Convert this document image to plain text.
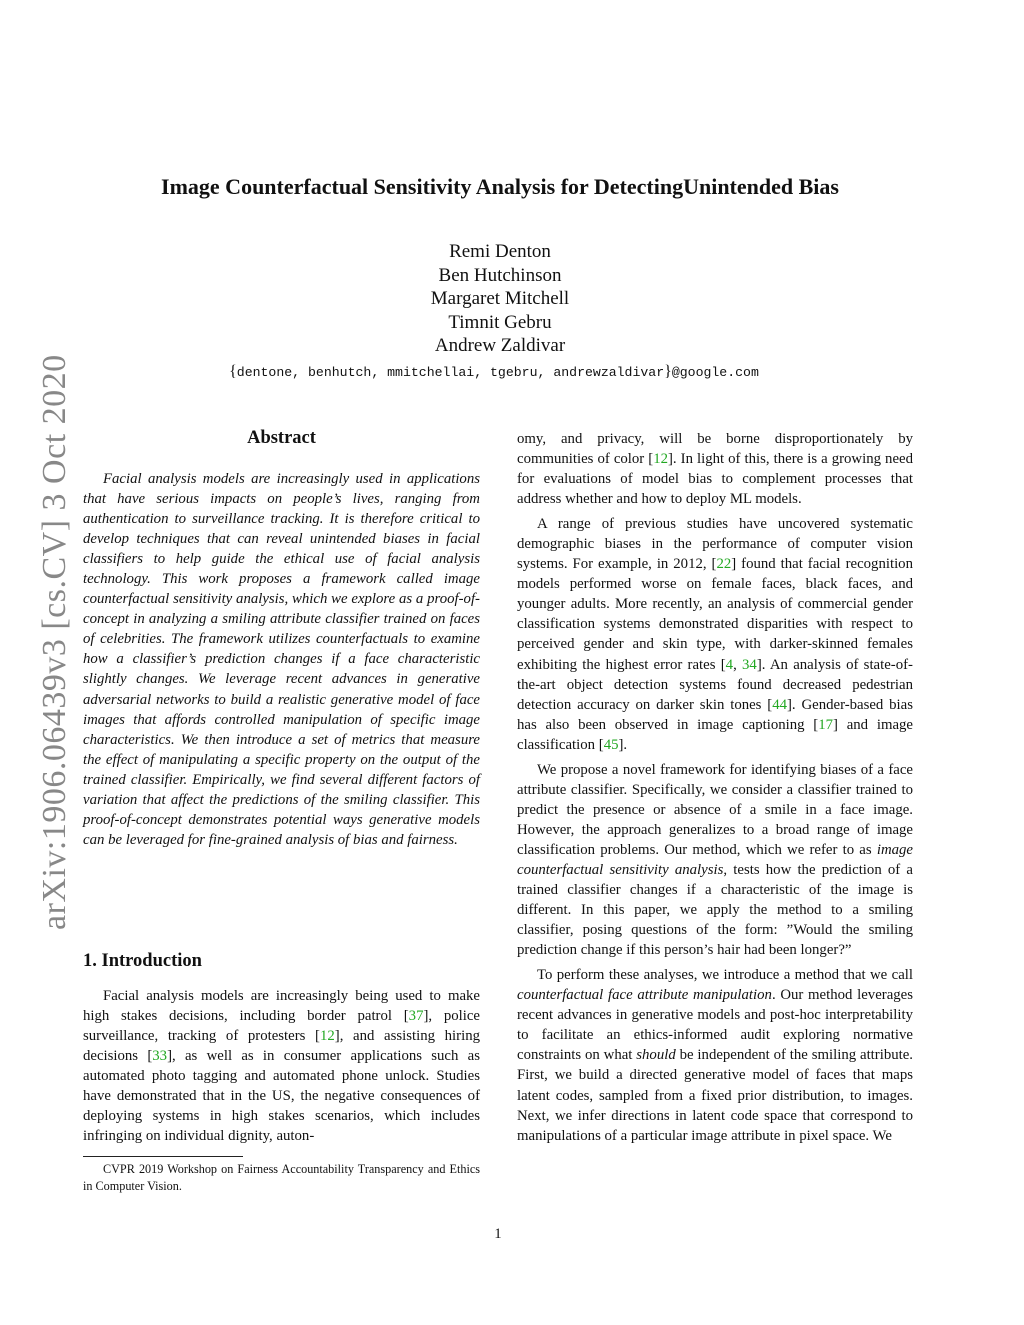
arXiv:1906.06439v3 [cs.CV] 3 Oct 2020
Image Counterfactual Sensitivity Analysis for DetectingUnintended Bias
Remi Denton
Ben Hutchinson
Margaret Mitchell
Timnit Gebru
Andrew Zaldivar
{dentone, benhutch, mmitchellai, tgebru, andrewzaldivar}@google.com
Abstract

Facial analysis models are increasingly used in applications that have serious impacts on people’s lives, ranging from authentication to surveillance tracking. It is therefore critical to develop techniques that can reveal unintended biases in facial classifiers to help guide the ethical use of facial analysis technology. This work proposes a framework called image counterfactual sensitivity analysis, which we explore as a proof-of-concept in analyzing a smiling attribute classifier trained on faces of celebrities. The framework utilizes counterfactuals to examine how a classifier’s prediction changes if a face characteristic slightly changes. We leverage recent advances in generative adversarial networks to build a realistic generative model of face images that affords controlled manipulation of specific image characteristics. We then introduce a set of metrics that measure the effect of manipulating a specific property on the output of the trained classifier. Empirically, we find several different factors of variation that affect the predictions of the smiling classifier. This proof-of-concept demonstrates potential ways generative models can be leveraged for fine-grained analysis of bias and fairness.

1. Introduction

Facial analysis models are increasingly being used to make high stakes decisions, including border patrol [37], police surveillance, tracking of protesters [12], and assisting hiring decisions [33], as well as in consumer applications such as automated photo tagging and automated phone unlock. Studies have demonstrated that in the US, the negative consequences of deploying systems in high stakes scenarios, which includes infringing on individual dignity, auton-

CVPR 2019 Workshop on Fairness Accountability Transparency and Ethics in Computer Vision.

omy, and privacy, will be borne disproportionately by communities of color [12]. In light of this, there is a growing need for evaluations of model bias to complement processes that address whether and how to deploy ML models.

A range of previous studies have uncovered systematic demographic biases in the performance of computer vision systems. For example, in 2012, [22] found that facial recognition models performed worse on female faces, black faces, and younger adults. More recently, an analysis of commercial gender classification systems demonstrated disparities with respect to perceived gender and skin type, with darker-skinned females exhibiting the highest error rates [4, 34]. An analysis of state-of-the-art object detection systems found decreased pedestrian detection accuracy on darker skin tones [44]. Gender-based bias has also been observed in image captioning [17] and image classification [45].

We propose a novel framework for identifying biases of a face attribute classifier. Specifically, we consider a classifier trained to predict the presence or absence of a smile in a face image. However, the approach generalizes to a broad range of image classification problems. Our method, which we refer to as image counterfactual sensitivity analysis, tests how the prediction of a trained classifier changes if a characteristic of the image is different. In this paper, we apply the method to a smiling classifier, posing questions of the form: ”Would the smiling prediction change if this person’s hair had been longer?”

To perform these analyses, we introduce a method that we call counterfactual face attribute manipulation. Our method leverages recent advances in generative models and post-hoc interpretability to facilitate an ethics-informed audit exploring normative constraints on what should be independent of the smiling attribute. First, we build a directed generative model of faces that maps latent codes, sampled from a fixed prior distribution, to images. Next, we infer directions in latent code space that correspond to manipulations of a particular image attribute in pixel space. We

1
